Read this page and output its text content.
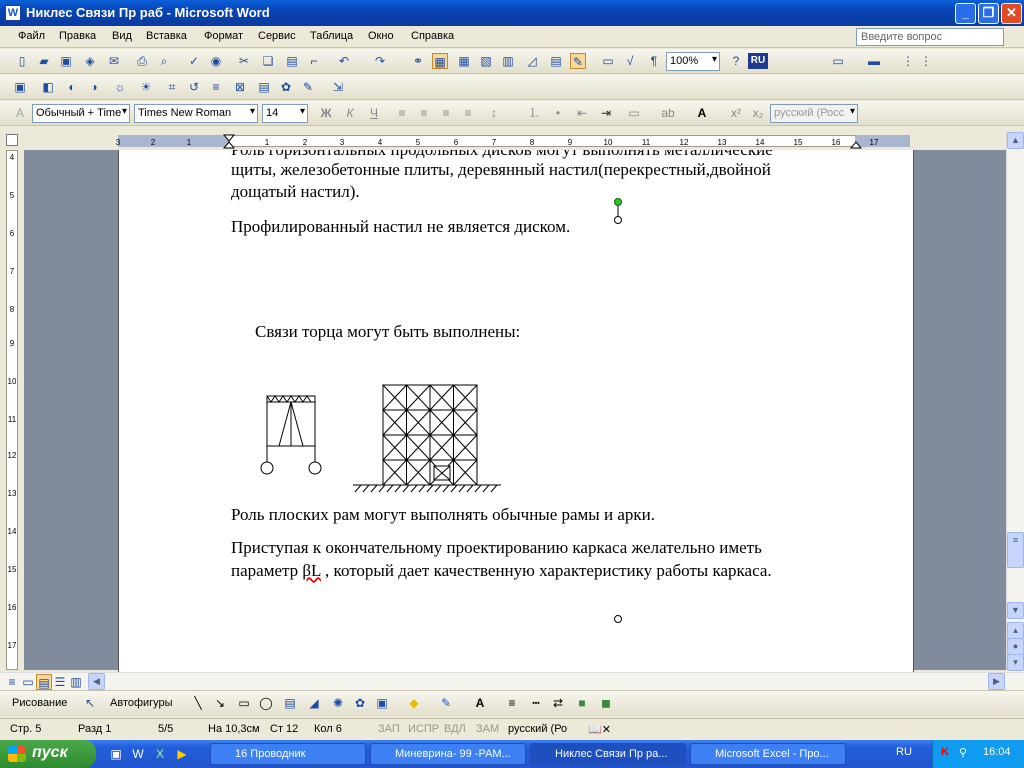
W Никлес Связи Пр раб - Microsoft Word	_	❐ ✕
Файл Правка Вид Вставка Формат Сервис Таблица Окно Справка	Введите вопрос
▯	▰ ▣ ◈ ✉ ⎙	⌕	✓ ◉ ✂ ❏ ▤	⌐	↶ ↷ ⚭ ▦ ▦ ▧ ▥ ◿ ▤ ✎ ▭	√	¶	100% ▾	?	RU	▭ ▬ ⋮ ⋮
▣ ◧	◐	◑	☼ ☀	⌗	↺	≡	⊠ ▤ ✿ ✎ ⇲
A	Обычный + Time ▾	Times New Roman ▾	14 ▾	Ж	К	Ч	≡	≡	≡	≡	↕	⒈	•	⇤ ⇥ ▭ ab	A	x² x₂ русский (Росс ▾
3	2	1	1	2	3	4	5	6	7	8	9	10	11	12	13	14	15	16	17
4
5
6
7
8
9
10
11
12
13
14
15
16
17
щиты, железобетонные плиты, деревянный настил(перекрестный,двойной
дощатый настил).
Профилированный настил не является диском.
Связи торца могут быть выполнены:
Роль плоских рам могут выполнять обычные рамы и арки.
Приступая к окончательному проектированию каркаса желательно иметь
параметр βL , который дает качественную характеристику работы каркаса.
▲
≡
▼
▴
●
▾
≡ ▭ ▤ ☰ ▥	◀	▶
Рисование ↖ Автофигуры	╲	↘ ▭ ◯ ▤ ◢ ✺ ✿ ▣ ◆ ✎	A	≡	┅	⇄	■	◼
Стр. 5	Разд 1	5/5	На 10,3см Ст 12 Кол 6	ЗАП ИСПР ВДЛ ЗАМ русский (Ро 📖✕
пуск	▣ W	X	▶	16 Проводник	Миневрина- 99 -РАМ...	Никлес Связи Пр ра...	Microsoft Excel - Про...	RU	K ⚲ 16:04
